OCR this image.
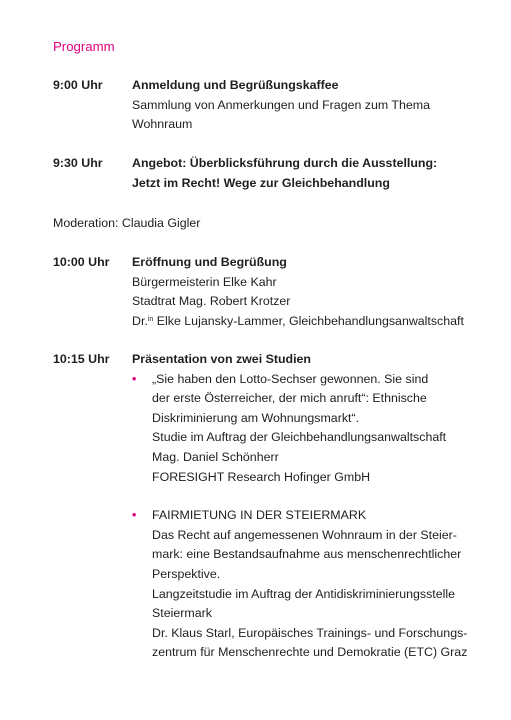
Programm
9:00 Uhr	Anmeldung und Begrüßungskaffee
Sammlung von Anmerkungen und Fragen zum Thema
Wohnraum
9:30 Uhr	Angebot: Überblicksführung durch die Ausstellung:
Jetzt im Recht! Wege zur Gleichbehandlung
Moderation: Claudia Gigler
10:00 Uhr	Eröffnung und Begrüßung
Bürgermeisterin Elke Kahr
Stadtrat Mag. Robert Krotzer
Dr.$^{in}$ Elke Lujansky-Lammer, Gleichbehandlungsanwaltschaft
10:15 Uhr	Präsentation von zwei Studien
• „Sie haben den Lotto-Sechser gewonnen. Sie sind
der erste Österreicher, der mich anruft“: Ethnische
Diskriminierung am Wohnungsmarkt“.
Studie im Auftrag der Gleichbehandlungsanwaltschaft
Mag. Daniel Schönherr
FORESIGHT Research Hofinger GmbH
• FAIRMIETUNG IN DER STEIERMARK
Das Recht auf angemessenen Wohnraum in der Steier-
mark: eine Bestandsaufnahme aus menschenrechtlicher
Perspektive.
Langzeitstudie im Auftrag der Antidiskriminierungsstelle
Steiermark
Dr. Klaus Starl, Europäisches Trainings- und Forschungs-
zentrum für Menschenrechte und Demokratie (ETC) Graz
